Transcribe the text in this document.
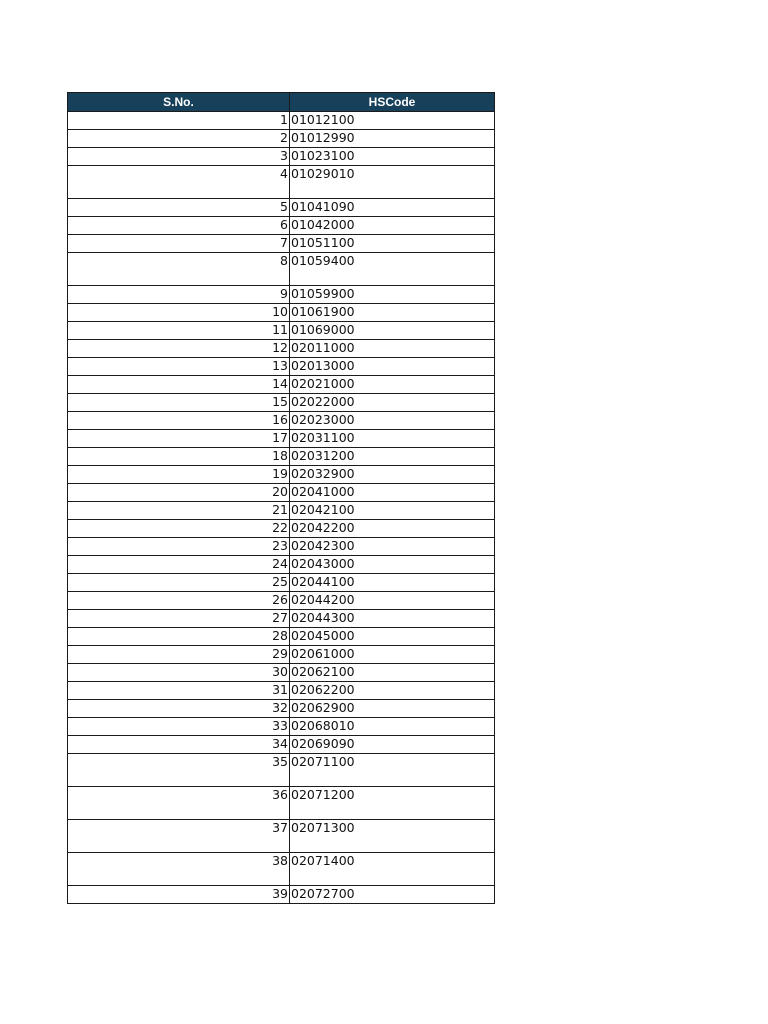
S.No.	HSCode
1	01012100
2	01012990
3	01023100
4	01029010
5	01041090
6	01042000
7	01051100
8	01059400
9	01059900
10	01061900
11	01069000
12	02011000
13	02013000
14	02021000
15	02022000
16	02023000
17	02031100
18	02031200
19	02032900
20	02041000
21	02042100
22	02042200
23	02042300
24	02043000
25	02044100
26	02044200
27	02044300
28	02045000
29	02061000
30	02062100
31	02062200
32	02062900
33	02068010
34	02069090
35	02071100
36	02071200
37	02071300
38	02071400
39	02072700
